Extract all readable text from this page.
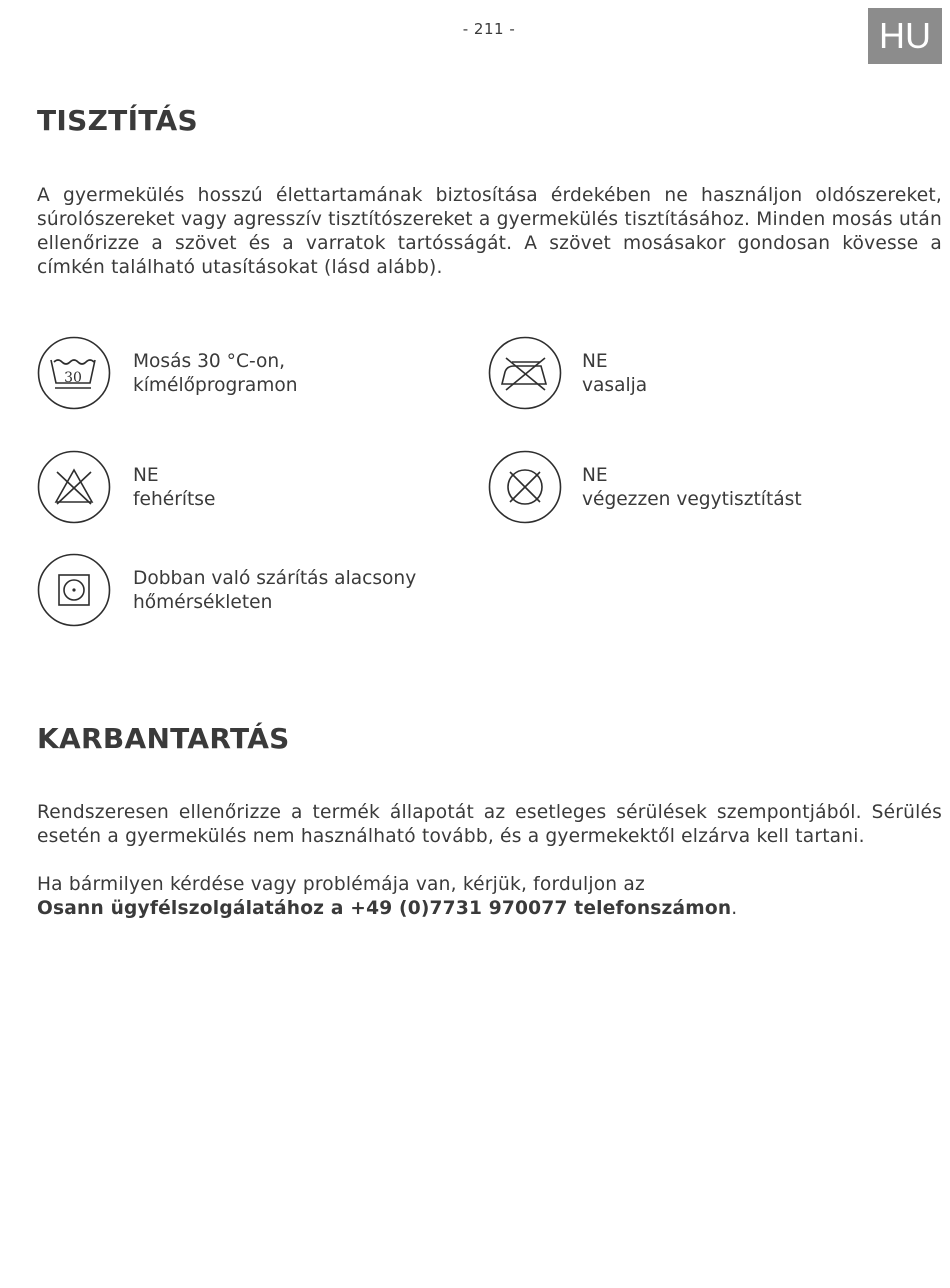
- 211 -	HU
TISZTÍTÁS

A gyermekülés hosszú élettartamának biztosítása érdekében ne használjon oldószereket, súrolószereket vagy agresszív tisztítószereket a gyermekülés tisztításához. Minden mosás után ellenőrizze a szövet és a varratok tartósságát. A szövet mosásakor gondosan kövesse a címkén található utasításokat (lásd alább).

30
Mosás 30 °C-on,
kímélőprogramon
NE
vasalja
NE
fehérítse
NE
végezzen vegytisztítást
Dobban való szárítás alacsony
hőmérsékleten
KARBANTARTÁS

Rendszeresen ellenőrizze a termék állapotát az esetleges sérülések szempontjából. Sérülés esetén a gyermekülés nem használható tovább, és a gyermekektől elzárva kell tartani.

Ha bármilyen kérdése vagy problémája van, kérjük, forduljon az
Osann ügyfélszolgálatához a +49 (0)7731 970077 telefonszámon.
